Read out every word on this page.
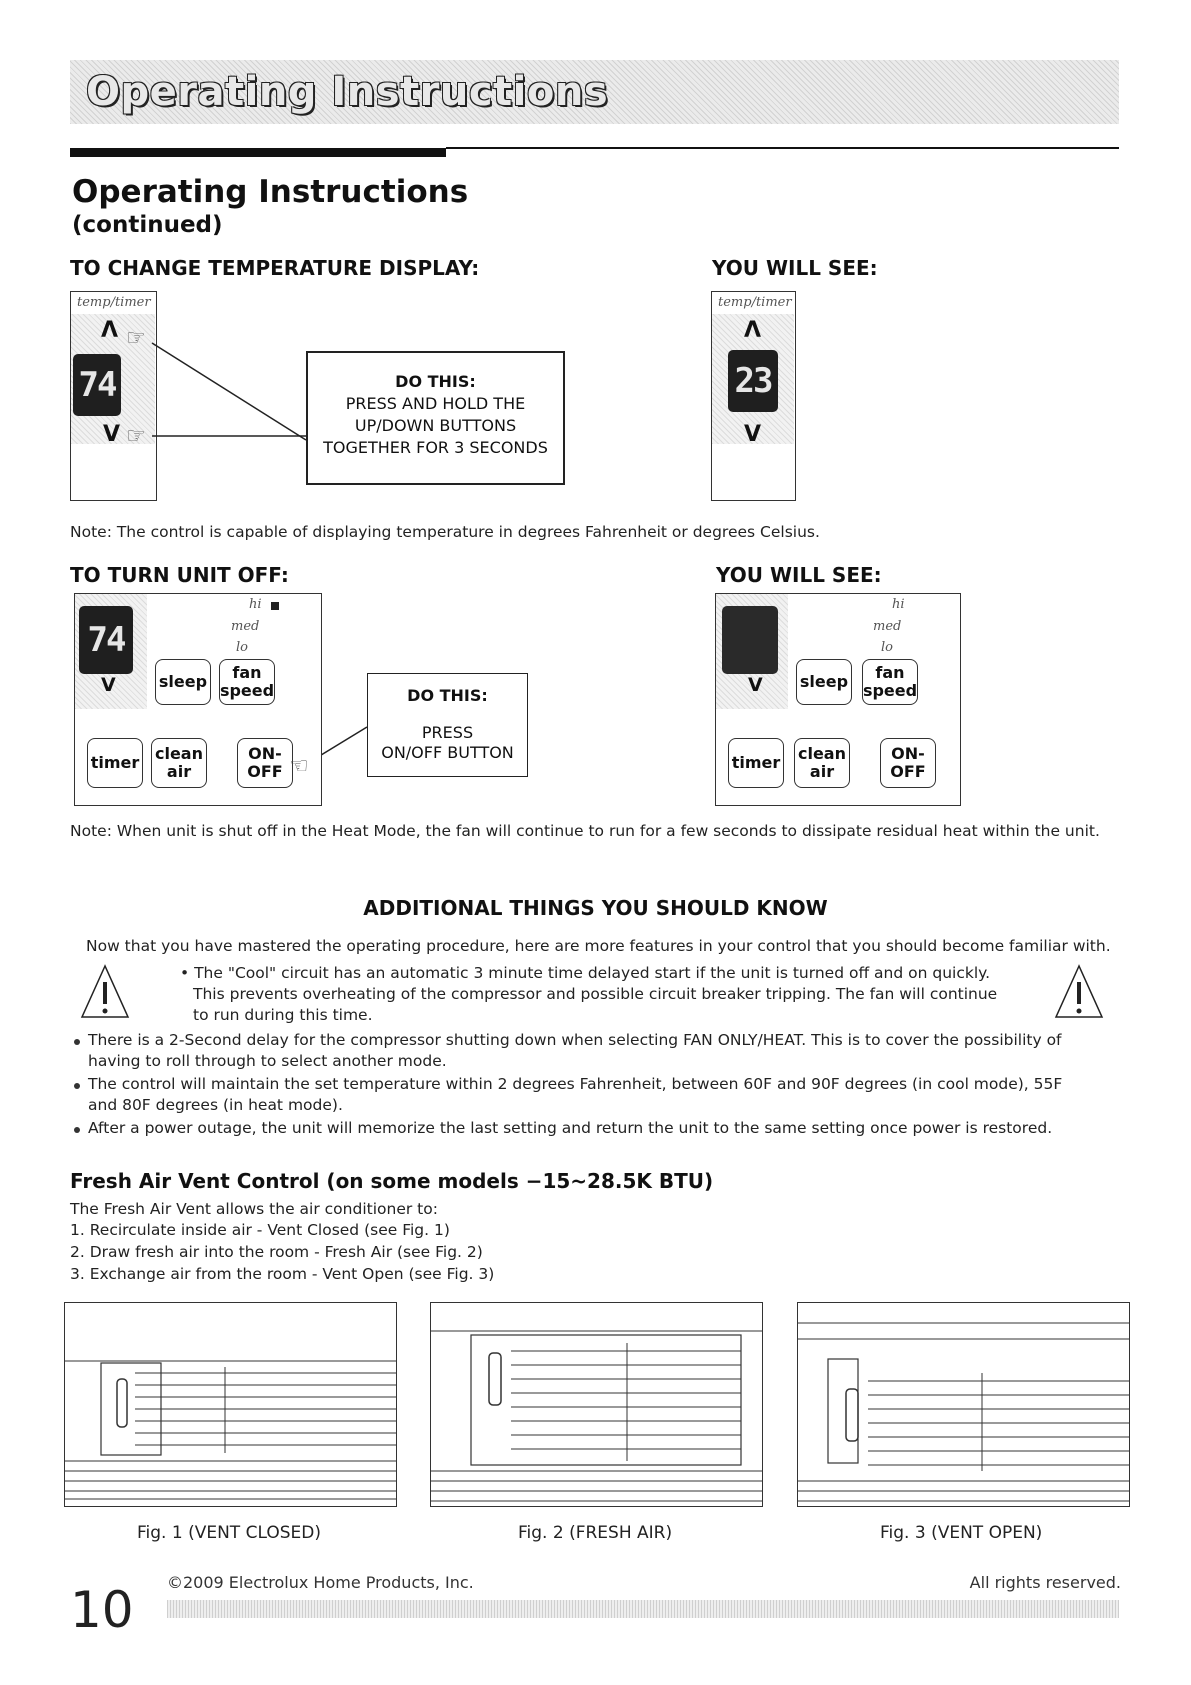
Operating Instructions
Operating Instructions
(continued)
TO CHANGE TEMPERATURE DISPLAY:	YOU WILL SEE:
temp/timer
Λ
74
V
☞
☞
DO THIS:
PRESS AND HOLD THE
UP/DOWN BUTTONS
TOGETHER FOR 3 SECONDS
temp/timer
Λ
23
V
Note: The control is capable of displaying temperature in degrees Fahrenheit or degrees Celsius.
TO TURN UNIT OFF:	YOU WILL SEE:
74
V
hi
med
lo
sleep fan
speed
timer clean
air
ON-
OFF ☜
DO THIS:
PRESS
ON/OFF BUTTON
V
hi
med
lo
sleep fan
speed
timer clean
air
ON-
OFF
Note: When unit is shut off in the Heat Mode, the fan will continue to run for a few seconds to dissipate residual heat within the unit.
ADDITIONAL THINGS YOU SHOULD KNOW
Now that you have mastered the operating procedure, here are more features in your control that you should become familiar with.
• The "Cool" circuit has an automatic 3 minute time delayed start if the unit is turned off and on quickly.
This prevents overheating of the compressor and possible circuit breaker tripping. The fan will continue
to run during this time.
There is a 2-Second delay for the compressor shutting down when selecting FAN ONLY/HEAT. This is to cover the possibility of
having to roll through to select another mode.
The control will maintain the set temperature within 2 degrees Fahrenheit, between 60F and 90F degrees (in cool mode), 55F
and 80F degrees (in heat mode).
After a power outage, the unit will memorize the last setting and return the unit to the same setting once power is restored.
Fresh Air Vent Control (on some models −15~28.5K BTU)
The Fresh Air Vent allows the air conditioner to:
1. Recirculate inside air - Vent Closed (see Fig. 1)
2. Draw fresh air into the room - Fresh Air (see Fig. 2)
3. Exchange air from the room - Vent Open (see Fig. 3)
Fig. 1 (VENT CLOSED)	Fig. 2 (FRESH AIR)	Fig. 3 (VENT OPEN)
10 ©2009 Electrolux Home Products, Inc.	All rights reserved.
